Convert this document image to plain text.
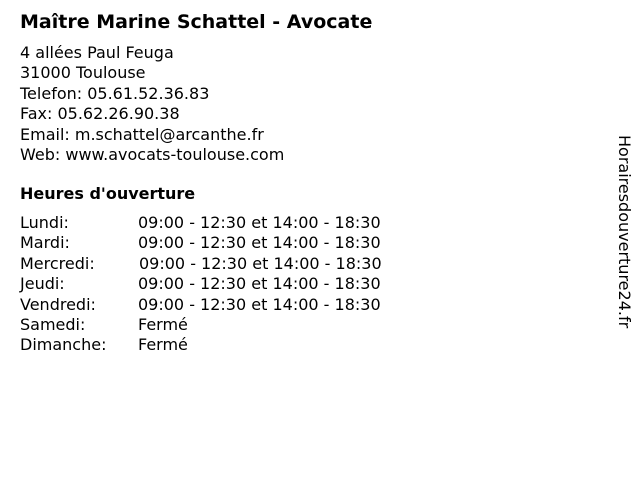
Maître Marine Schattel - Avocate
4 allées Paul Feuga
31000 Toulouse
Telefon: 05.61.52.36.83
Fax: 05.62.26.90.38
Email: m.schattel@arcanthe.fr
Web: www.avocats-toulouse.com
Heures d'ouverture
Lundi:	09:00 - 12:30 et 14:00 - 18:30
Mardi:	09:00 - 12:30 et 14:00 - 18:30
Mercredi:	09:00 - 12:30 et 14:00 - 18:30
Jeudi:	09:00 - 12:30 et 14:00 - 18:30
Vendredi:	09:00 - 12:30 et 14:00 - 18:30
Samedi:	Fermé
Dimanche: Fermé
Horairesdouverture24.fr
